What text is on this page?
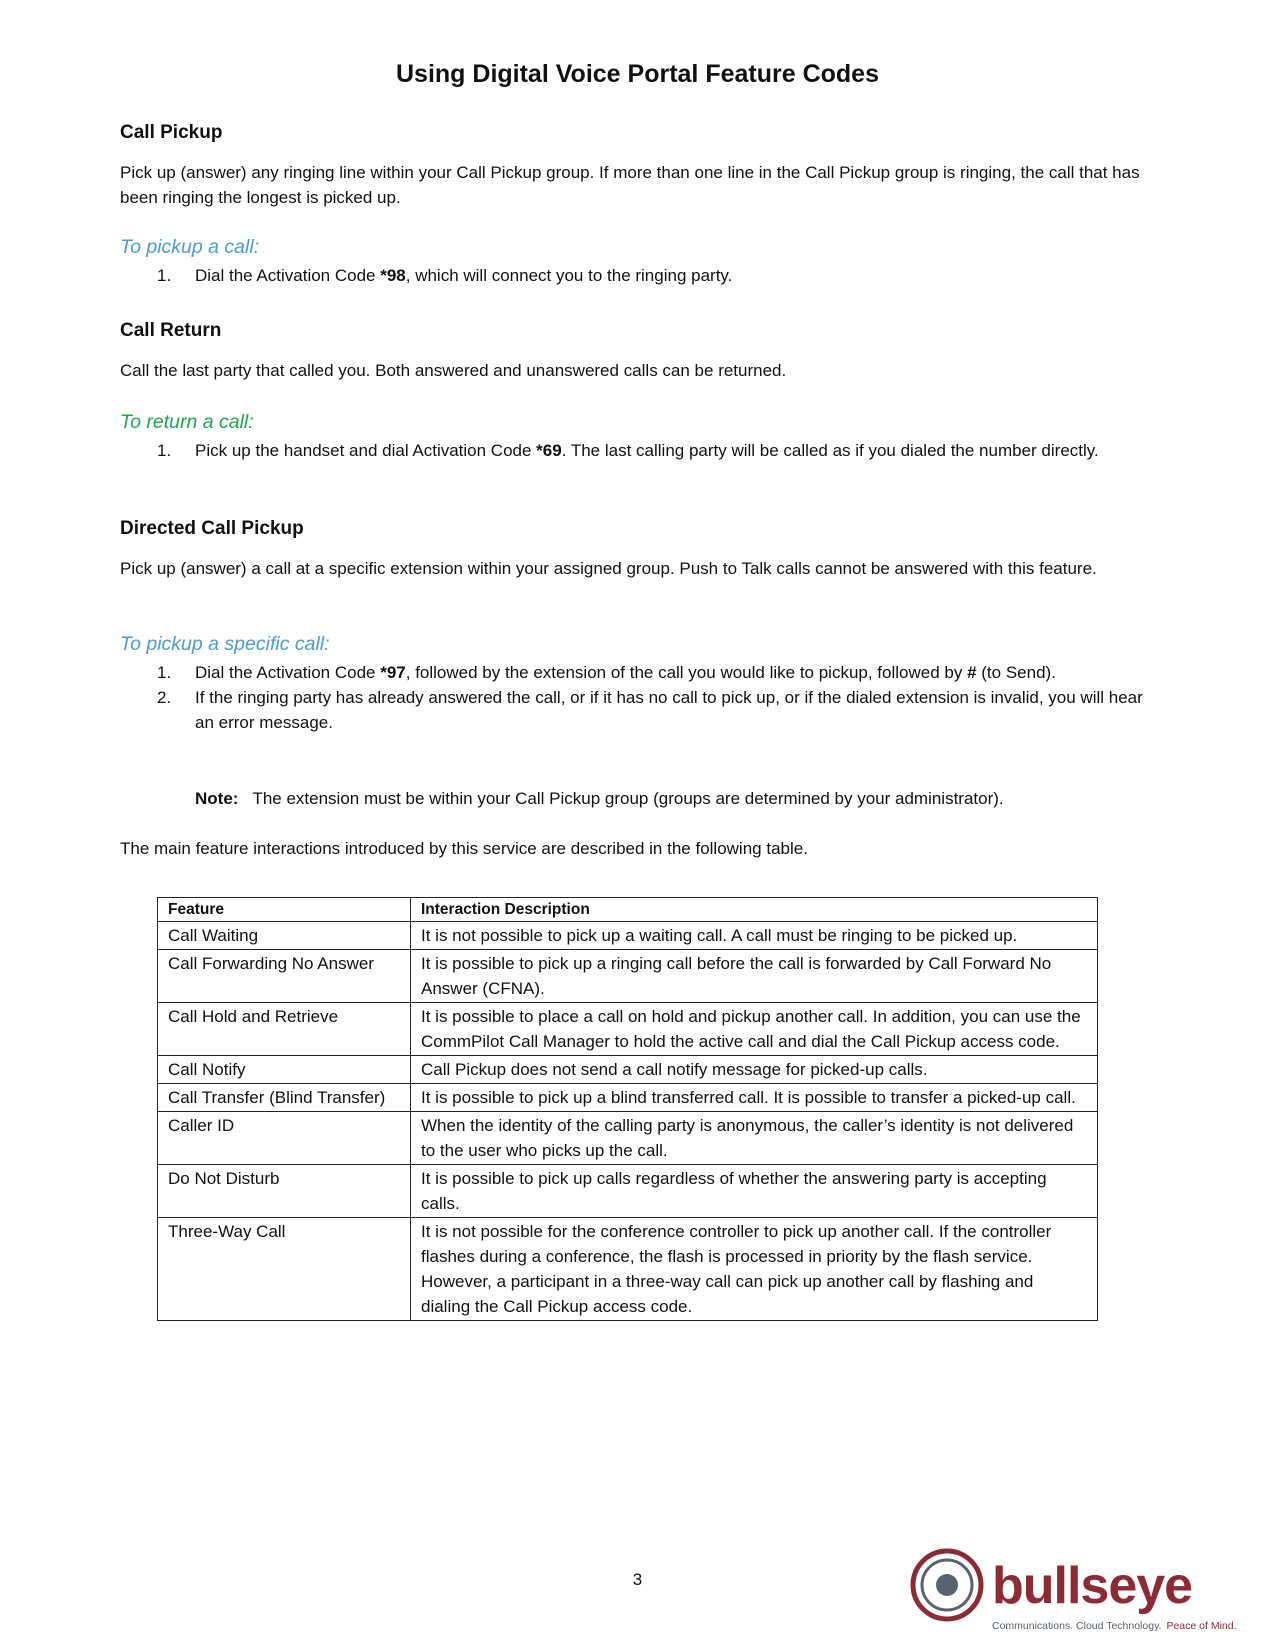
Using Digital Voice Portal Feature Codes
Call Pickup

Pick up (answer) any ringing line within your Call Pickup group. If more than one line in the Call Pickup group is ringing, the call that has been ringing the longest is picked up.

To pickup a call:
1. Dial the Activation Code *98, which will connect you to the ringing party.
Call Return

Call the last party that called you. Both answered and unanswered calls can be returned.

To return a call:
1. Pick up the handset and dial Activation Code *69. The last calling party will be called as if you dialed the number directly.
Directed Call Pickup

Pick up (answer) a call at a specific extension within your assigned group. Push to Talk calls cannot be answered with this feature.

To pickup a specific call:
1. Dial the Activation Code *97, followed by the extension of the call you would like to pickup, followed by # (to Send).
2. If the ringing party has already answered the call, or if it has no call to pick up, or if the dialed extension is invalid, you will hear an error message.
Note: The extension must be within your Call Pickup group (groups are determined by your administrator).

The main feature interactions introduced by this service are described in the following table.

Feature	Interaction Description
Call Waiting	It is not possible to pick up a waiting call. A call must be ringing to be picked up.
Call Forwarding No Answer	It is possible to pick up a ringing call before the call is forwarded by Call Forward No Answer (CFNA).
Call Hold and Retrieve	It is possible to place a call on hold and pickup another call. In addition, you can use the CommPilot Call Manager to hold the active call and dial the Call Pickup access code.
Call Notify	Call Pickup does not send a call notify message for picked-up calls.
Call Transfer (Blind Transfer)	It is possible to pick up a blind transferred call. It is possible to transfer a picked-up call.
Caller ID	When the identity of the calling party is anonymous, the caller’s identity is not delivered to the user who picks up the call.
Do Not Disturb	It is possible to pick up calls regardless of whether the answering party is accepting calls.
Three-Way Call	It is not possible for the conference controller to pick up another call. If the controller flashes during a conference, the flash is processed in priority by the flash service. However, a participant in a three-way call can pick up another call by flashing and dialing the Call Pickup access code.
3	bullseye
Communications. Cloud Technology. Peace of Mind.
